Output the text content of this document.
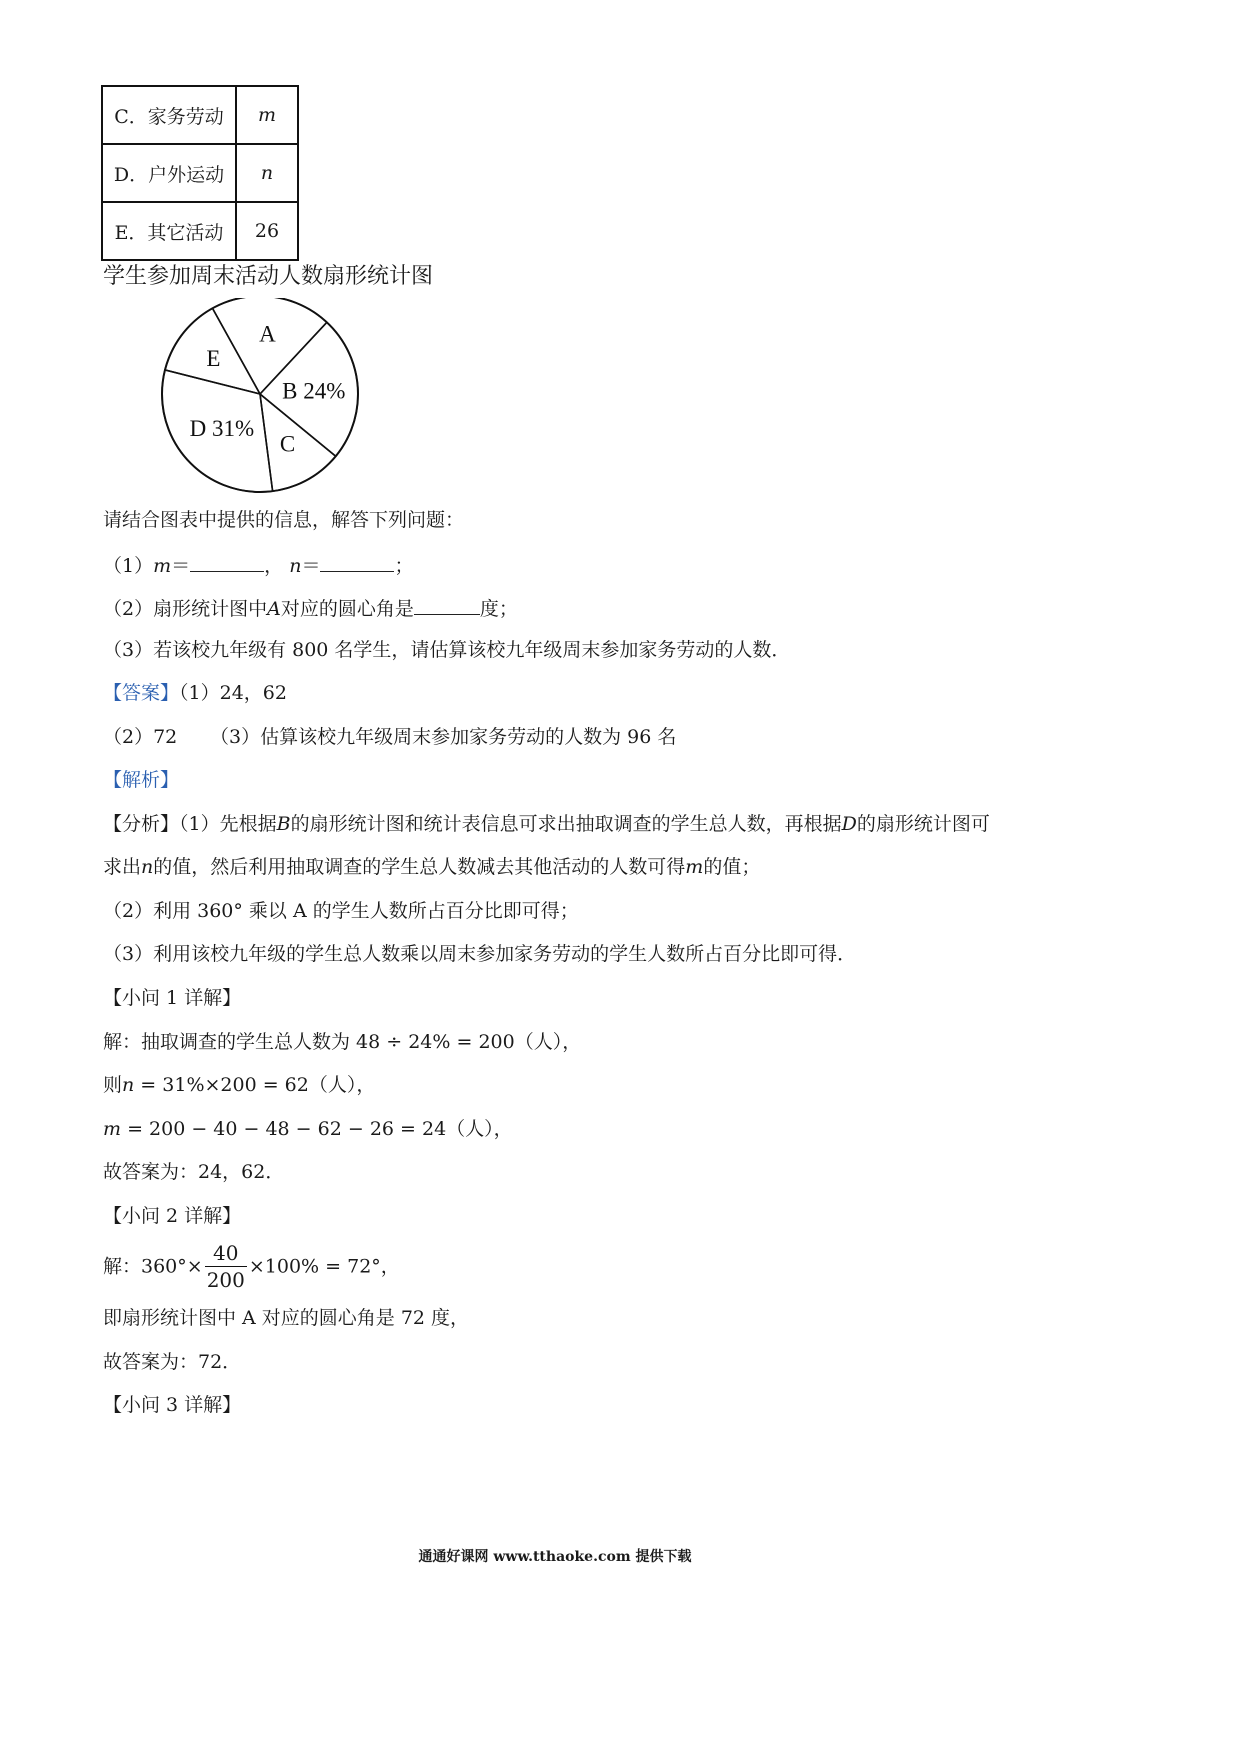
C．家务劳动	m
D．户外运动	n
E．其它活动	26
学生参加周末活动人数扇形统计图
A
B 24%
C
D 31%
E
请结合图表中提供的信息，解答下列问题：
（1）m＝	， n＝	；
（2）扇形统计图中A对应的圆心角是	度；
（3）若该校九年级有 800 名学生，请估算该校九年级周末参加家务劳动的人数．
【答案】（1）24，62
（2）72 （3）估算该校九年级周末参加家务劳动的人数为 96 名
【解析】
【分析】（1）先根据B的扇形统计图和统计表信息可求出抽取调查的学生总人数，再根据D的扇形统计图可
求出n的值，然后利用抽取调查的学生总人数减去其他活动的人数可得m的值；
（2）利用 360° 乘以 A 的学生人数所占百分比即可得；
（3）利用该校九年级的学生总人数乘以周末参加家务劳动的学生人数所占百分比即可得．
【小问 1 详解】
解：抽取调查的学生总人数为 48 ÷ 24% = 200（人），
则n = 31%×200 = 62（人），
m = 200 − 40 − 48 − 62 − 26 = 24（人），
故答案为：24，62．
【小问 2 详解】
解：$360^\circ\times \frac{40}{200} \times 100\% = 72^\circ$，
即扇形统计图中 A 对应的圆心角是 72 度，
故答案为：72．
【小问 3 详解】
通通好课网 www.tthaoke.com 提供下载
